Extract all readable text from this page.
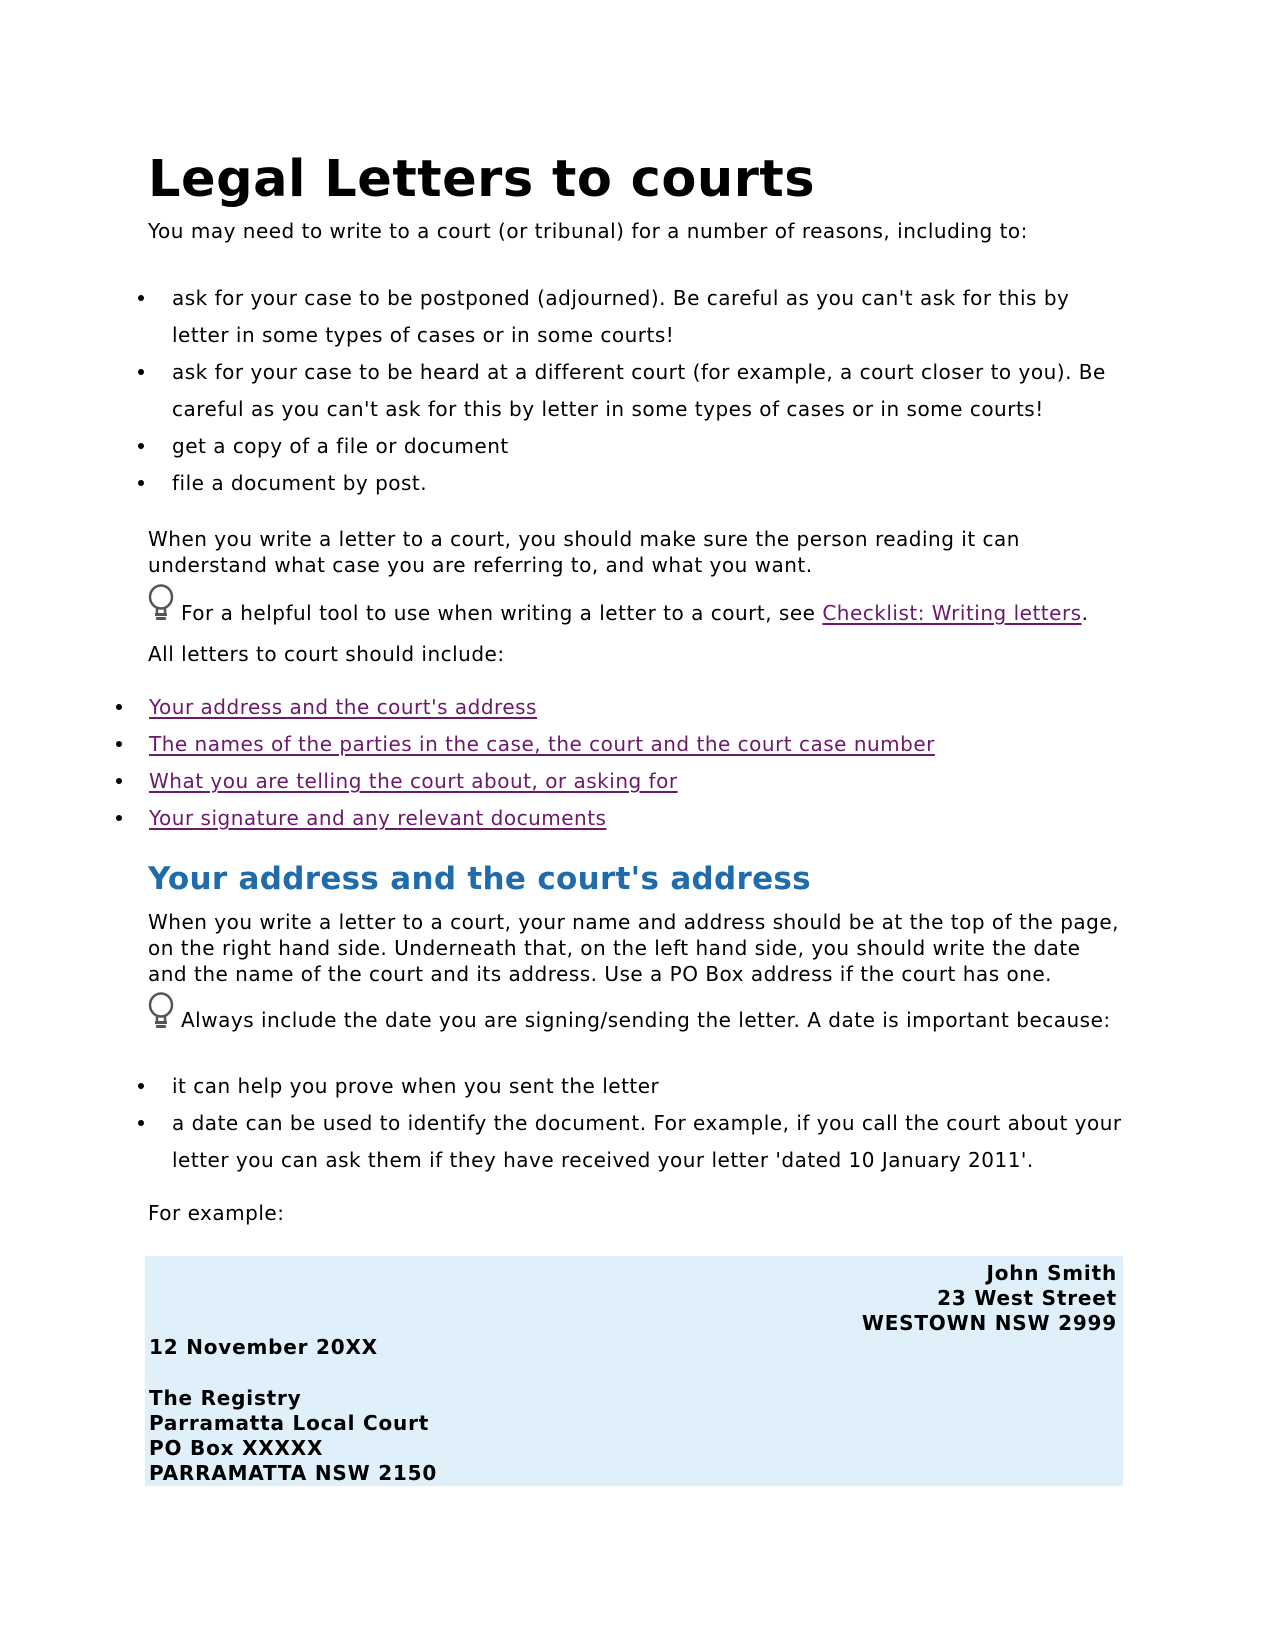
Legal Letters to courts

You may need to write to a court (or tribunal) for a number of reasons, including to:

ask for your case to be postponed (adjourned). Be careful as you can't ask for this by
letter in some types of cases or in some courts!
ask for your case to be heard at a different court (for example, a court closer to you). Be
careful as you can't ask for this by letter in some types of cases or in some courts!
get a copy of a file or document
file a document by post.

When you write a letter to a court, you should make sure the person reading it can
understand what case you are referring to, and what you want.

For a helpful tool to use when writing a letter to a court, see Checklist: Writing letters.

All letters to court should include:

Your address and the court's address
The names of the parties in the case, the court and the court case number
What you are telling the court about, or asking for
Your signature and any relevant documents
Your address and the court's address

When you write a letter to a court, your name and address should be at the top of the page,
on the right hand side. Underneath that, on the left hand side, you should write the date
and the name of the court and its address. Use a PO Box address if the court has one.

Always include the date you are signing/sending the letter. A date is important because:

it can help you prove when you sent the letter
a date can be used to identify the document. For example, if you call the court about your
letter you can ask them if they have received your letter 'dated 10 January 2011'.

For example:

John Smith
23 West Street
WESTOWN NSW 2999
12 November 20XX
The Registry
Parramatta Local Court
PO Box XXXXX
PARRAMATTA NSW 2150
